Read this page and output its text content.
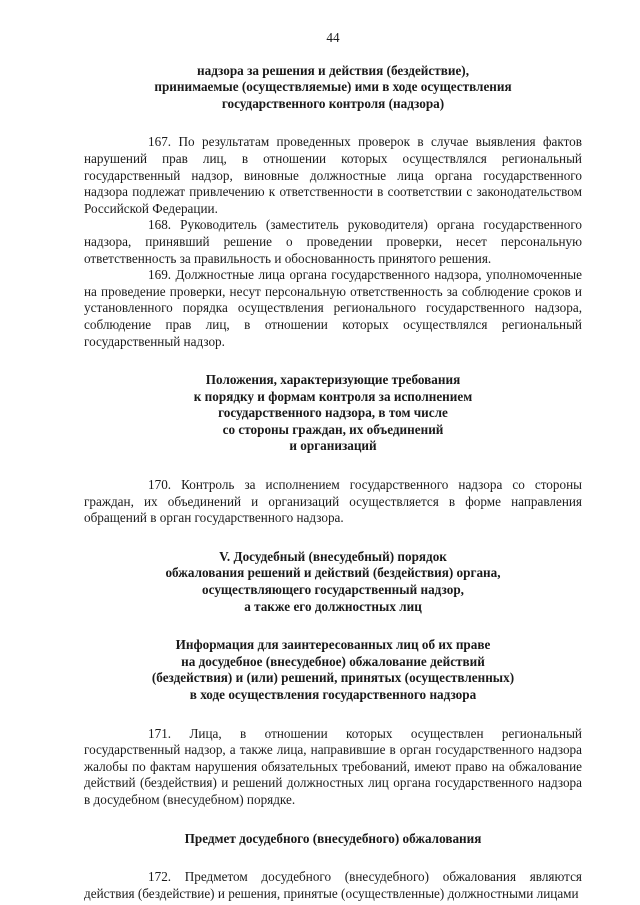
44
надзора за решения и действия (бездействие),
принимаемые (осуществляемые) ими в ходе осуществления
государственного контроля (надзора)

167. По результатам проведенных проверок в случае выявления фактов нарушений прав лиц, в отношении которых осуществлялся региональный государственный надзор, виновные должностные лица органа государственного надзора подлежат привлечению к ответственности в соответствии с законодательством Российской Федерации.

168. Руководитель (заместитель руководителя) органа государственного надзора, принявший решение о проведении проверки, несет персональную ответственность за правильность и обоснованность принятого решения.

169. Должностные лица органа государственного надзора, уполномоченные на проведение проверки, несут персональную ответственность за соблюдение сроков и установленного порядка осуществления регионального государственного надзора, соблюдение прав лиц, в отношении которых осуществлялся региональный государственный надзор.

Положения, характеризующие требования
к порядку и формам контроля за исполнением
государственного надзора, в том числе
со стороны граждан, их объединений
и организаций

170. Контроль за исполнением государственного надзора со стороны граждан, их объединений и организаций осуществляется в форме направления обращений в орган государственного надзора.

V. Досудебный (внесудебный) порядок
обжалования решений и действий (бездействия) органа,
осуществляющего государственный надзор,
а также его должностных лиц
Информация для заинтересованных лиц об их праве
на досудебное (внесудебное) обжалование действий
(бездействия) и (или) решений, принятых (осуществленных)
в ходе осуществления государственного надзора

171. Лица, в отношении которых осуществлен региональный государственный надзор, а также лица, направившие в орган государственного надзора жалобы по фактам нарушения обязательных требований, имеют право на обжалование действий (бездействия) и решений должностных лиц органа государственного надзора в досудебном (внесудебном) порядке.

Предмет досудебного (внесудебного) обжалования

172. Предметом досудебного (внесудебного) обжалования являются действия (бездействие) и решения, принятые (осуществленные) должностными лицами
